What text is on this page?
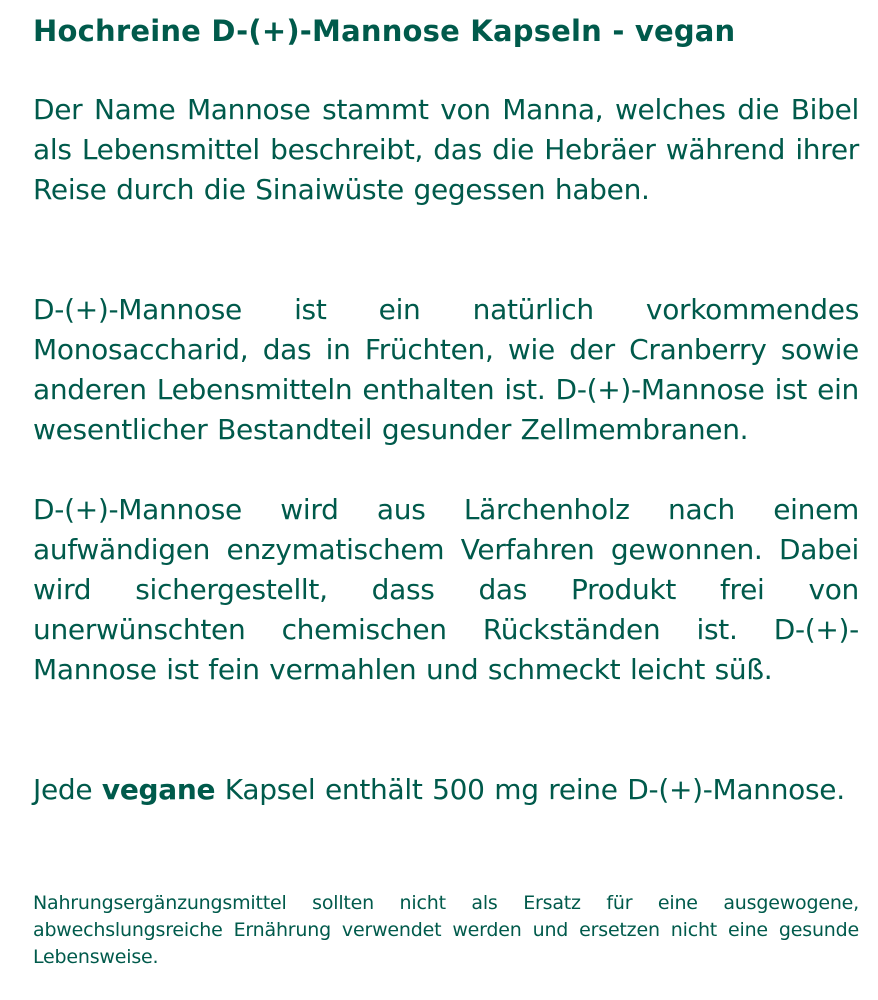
Hochreine D-(+)-Mannose Kapseln - vegan

Der Name Mannose stammt von Manna, welches die Bibel als Lebensmittel beschreibt, das die Hebräer während ihrer Reise durch die Sinaiwüste gegessen haben.

D-(+)-Mannose ist ein natürlich vorkommendes Monosaccharid, das in Früchten, wie der Cranberry sowie anderen Lebensmitteln enthalten ist. D-(+)-Mannose ist ein wesentlicher Bestandteil gesunder Zellmembranen.

D-(+)-Mannose wird aus Lärchenholz nach einem aufwändigen enzymatischem Verfahren gewonnen. Dabei wird sichergestellt, dass das Produkt frei von unerwünschten chemischen Rückständen ist. D-(+)-Mannose ist fein vermahlen und schmeckt leicht süß.

Jede vegane Kapsel enthält 500 mg reine D-(+)-Mannose.

Nahrungsergänzungsmittel sollten nicht als Ersatz für eine ausgewogene, abwechslungsreiche Ernährung verwendet werden und ersetzen nicht eine gesunde Lebensweise.
